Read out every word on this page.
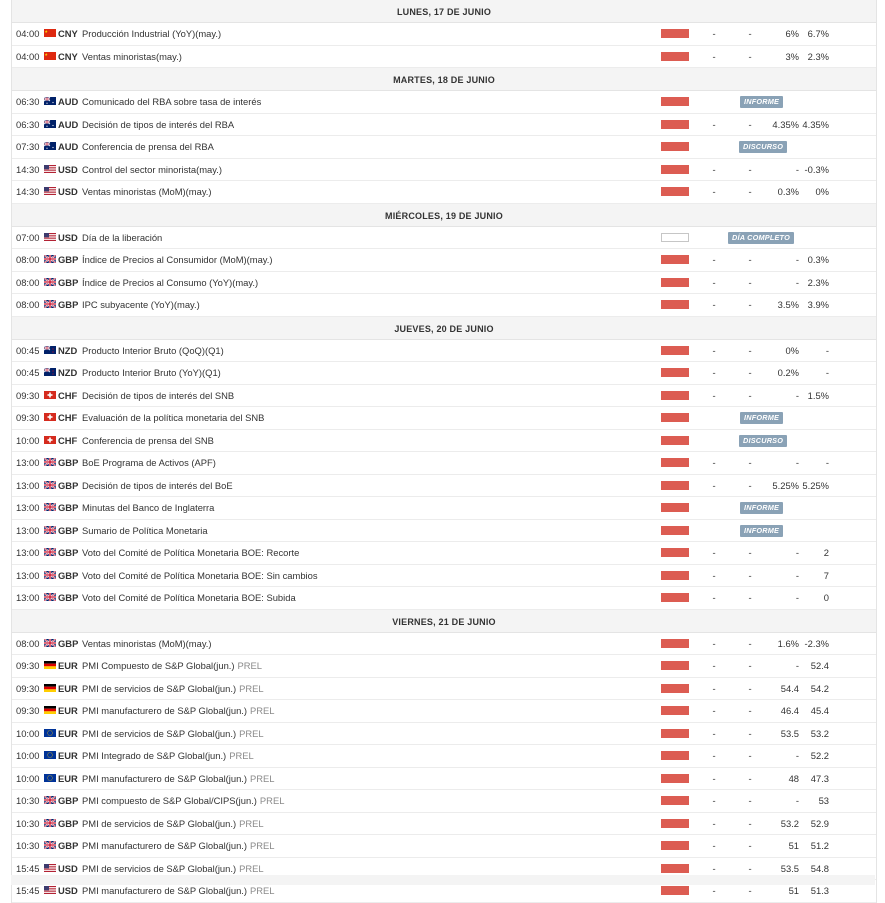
LUNES, 17 DE JUNIO
04:00 CNY Producción Industrial (YoY)(may.)	-	-	6% 6.7%
04:00 CNY Ventas minoristas(may.)	-	-	3% 2.3%
MARTES, 18 DE JUNIO
06:30 AUD Comunicado del RBA sobre tasa de interés	INFORME
06:30 AUD Decisión de tipos de interés del RBA	-	-	4.35% 4.35%
07:30 AUD Conferencia de prensa del RBA	DISCURSO
14:30 USD Control del sector minorista(may.)	-	-	- -0.3%
14:30 USD Ventas minoristas (MoM)(may.)	-	-	0.3%	0%
MIÉRCOLES, 19 DE JUNIO
07:00 USD Día de la liberación	DÍA COMPLETO
08:00 GBP Índice de Precios al Consumidor (MoM)(may.)	-	-	- 0.3%
08:00 GBP Índice de Precios al Consumo (YoY)(may.)	-	-	- 2.3%
08:00 GBP IPC subyacente (YoY)(may.)	-	-	3.5% 3.9%
JUEVES, 20 DE JUNIO
00:45 NZD Producto Interior Bruto (QoQ)(Q1)	-	-	0%	-
00:45 NZD Producto Interior Bruto (YoY)(Q1)	-	-	0.2%	-
09:30 CHF Decisión de tipos de interés del SNB	-	-	- 1.5%
09:30 CHF Evaluación de la política monetaria del SNB	INFORME
10:00 CHF Conferencia de prensa del SNB	DISCURSO
13:00 GBP BoE Programa de Activos (APF)	-	-	-	-
13:00 GBP Decisión de tipos de interés del BoE	-	-	5.25% 5.25%
13:00 GBP Minutas del Banco de Inglaterra	INFORME
13:00 GBP Sumario de Política Monetaria	INFORME
13:00 GBP Voto del Comité de Política Monetaria BOE: Recorte	-	-	-	2
13:00 GBP Voto del Comité de Política Monetaria BOE: Sin cambios	-	-	-	7
13:00 GBP Voto del Comité de Política Monetaria BOE: Subida	-	-	-	0
VIERNES, 21 DE JUNIO
08:00 GBP Ventas minoristas (MoM)(may.)	-	-	1.6% -2.3%
09:30 EUR PMI Compuesto de S&P Global(jun.) PREL	-	-	-	52.4
09:30 EUR PMI de servicios de S&P Global(jun.) PREL	-	-	54.4	54.2
09:30 EUR PMI manufacturero de S&P Global(jun.) PREL	-	-	46.4	45.4
10:00 EUR PMI de servicios de S&P Global(jun.) PREL	-	-	53.5	53.2
10:00 EUR PMI Integrado de S&P Global(jun.) PREL	-	-	-	52.2
10:00 EUR PMI manufacturero de S&P Global(jun.) PREL	-	-	48	47.3
10:30 GBP PMI compuesto de S&P Global/CIPS(jun.) PREL	-	-	-	53
10:30 GBP PMI de servicios de S&P Global(jun.) PREL	-	-	53.2	52.9
10:30 GBP PMI manufacturero de S&P Global(jun.) PREL	-	-	51	51.2
15:45 USD PMI de servicios de S&P Global(jun.) PREL	-	-	53.5	54.8
15:45 USD PMI manufacturero de S&P Global(jun.) PREL	-	-	51	51.3
